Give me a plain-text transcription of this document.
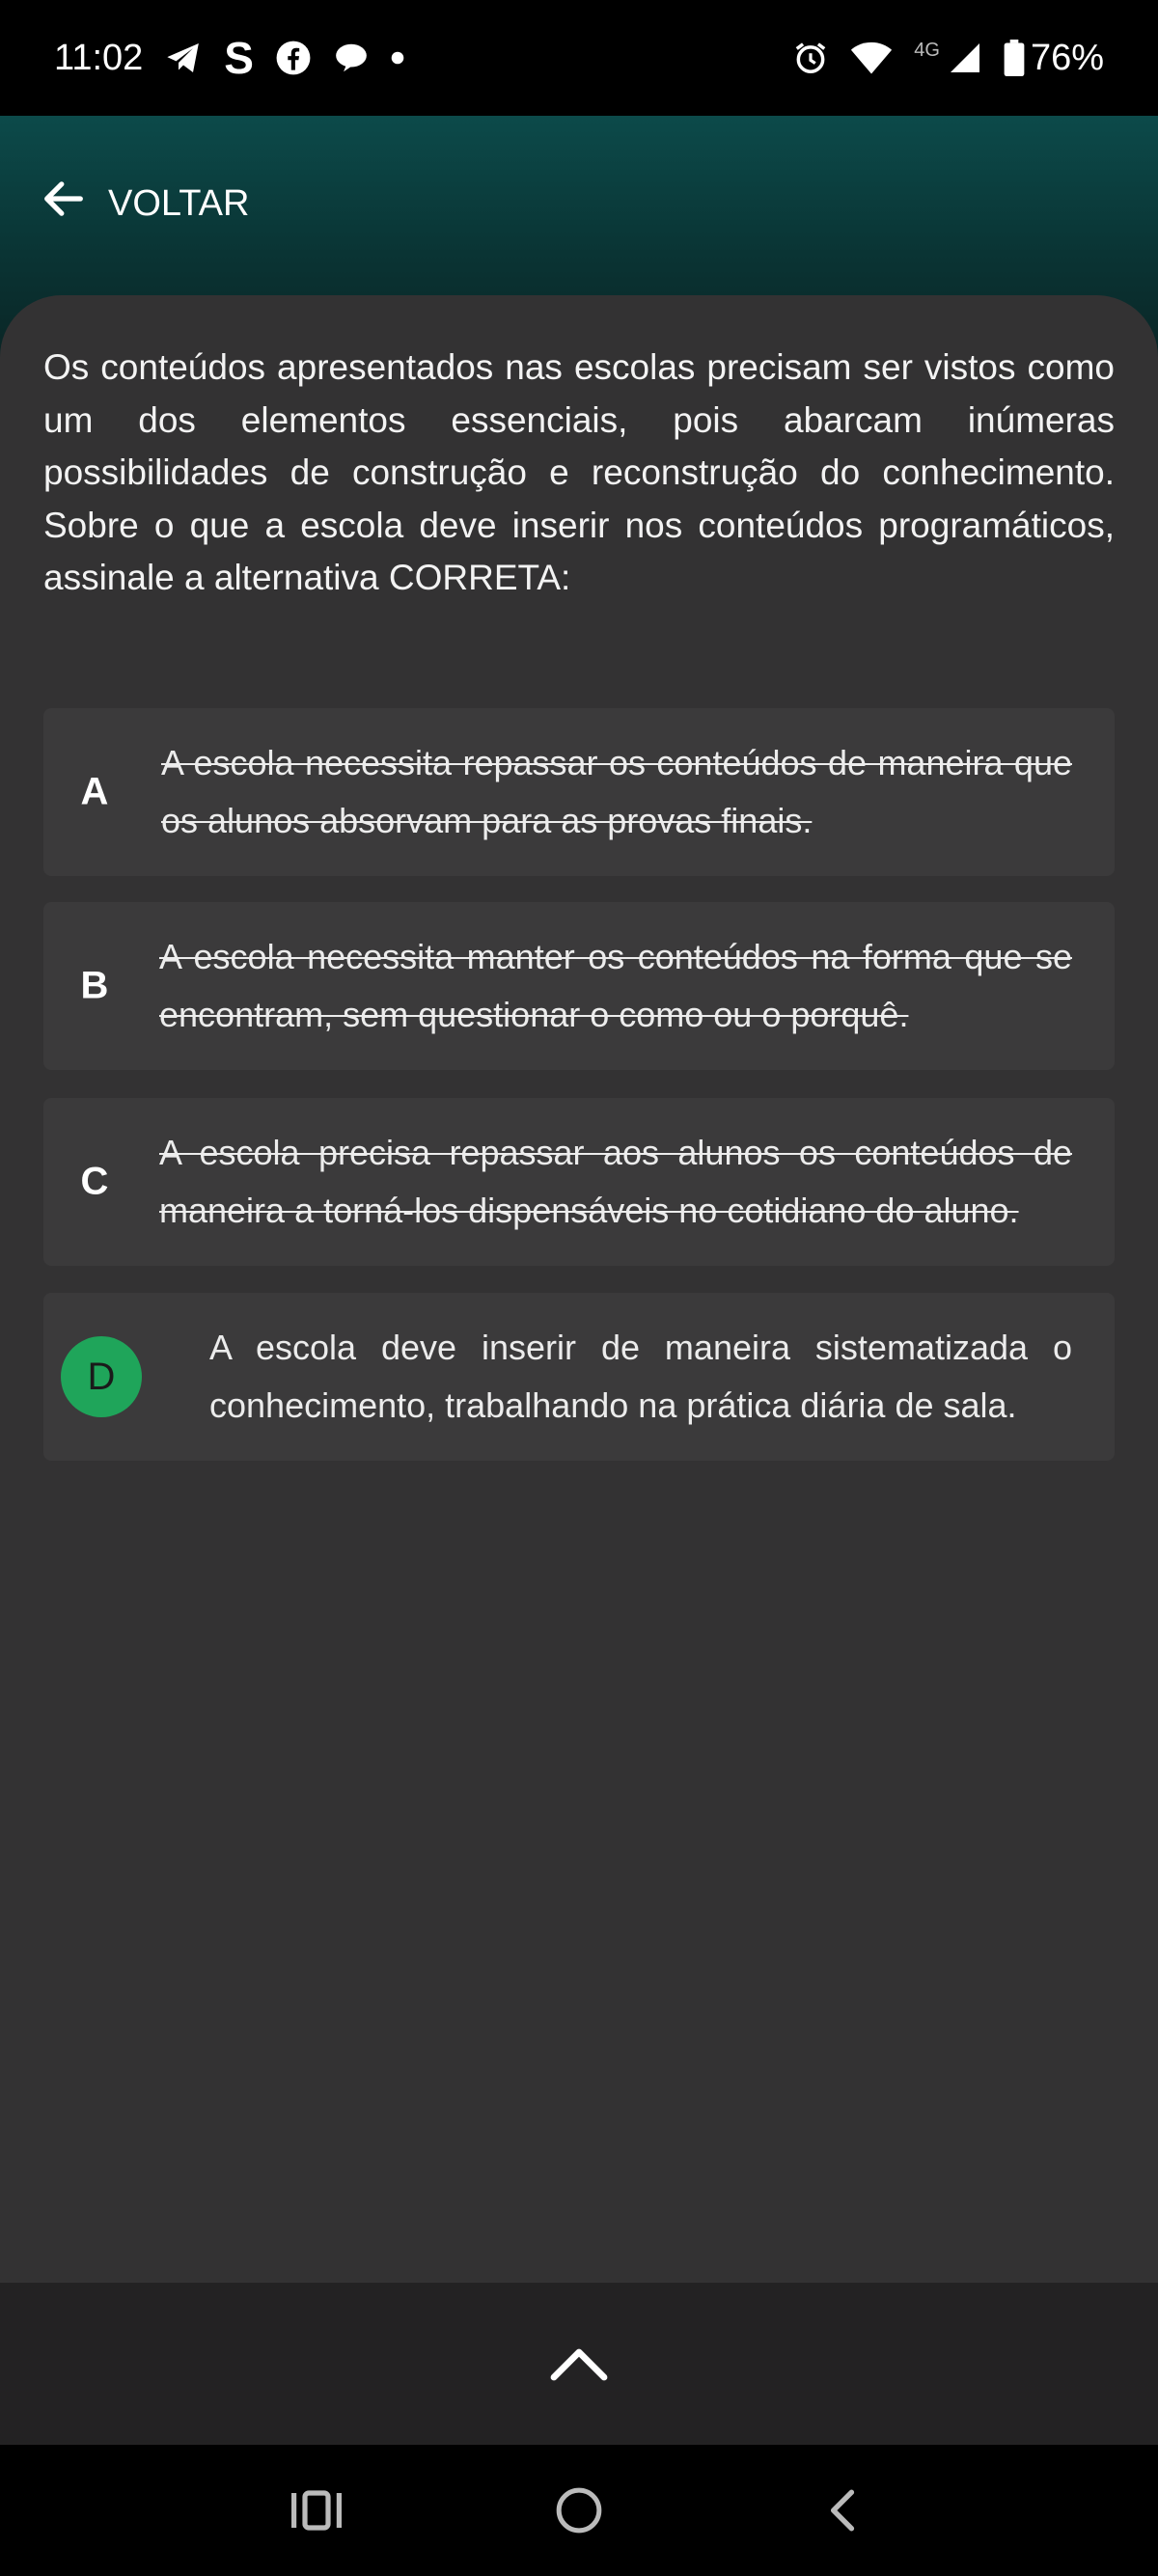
11:02 S	4G 76%
VOLTAR
Os conteúdos apresentados nas escolas precisam ser vistos como um dos elementos essenciais, pois abarcam inúmeras possibilidades de construção e reconstrução do conhecimento. Sobre o que a escola deve inserir nos conteúdos programáticos, assinale a alternativa CORRETA:
A
A escola necessita repassar os conteúdos de maneira que os alunos absorvam para as provas finais.
B
A escola necessita manter os conteúdos na forma que se encontram, sem questionar o como ou o porquê.
C
A escola precisa repassar aos alunos os conteúdos de maneira a torná-los dispensáveis no cotidiano do aluno.
D
A escola deve inserir de maneira sistematizada o conhecimento, trabalhando na prática diária de sala.
